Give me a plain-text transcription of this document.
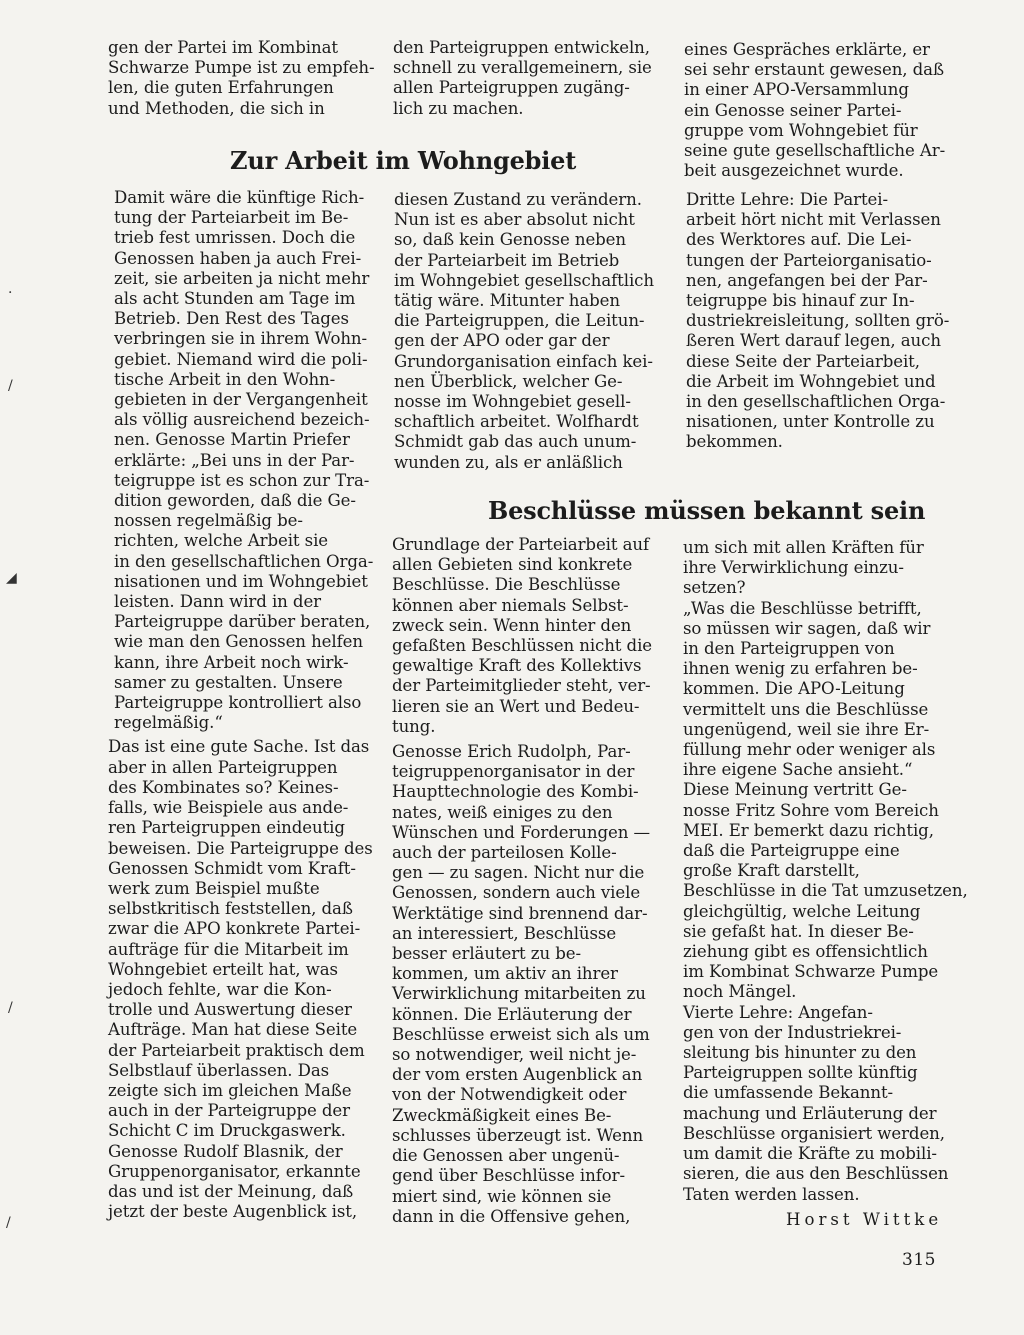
gen der Partei im Kombinat
Schwarze Pumpe ist zu empfeh-
len, die guten Erfahrungen
und Methoden, die sich in
den Parteigruppen entwickeln,
schnell zu verallgemeinern, sie
allen Parteigruppen zugäng-
lich zu machen.
eines Gespräches erklärte, er
sei sehr erstaunt gewesen, daß
in einer APO-Versammlung
ein Genosse seiner Partei-
gruppe vom Wohngebiet für
seine gute gesellschaftliche Ar-
beit ausgezeichnet wurde.
Zur Arbeit im Wohngebiet
Damit wäre die künftige Rich-
tung der Parteiarbeit im Be-
trieb fest umrissen. Doch die
Genossen haben ja auch Frei-
zeit, sie arbeiten ja nicht mehr
als acht Stunden am Tage im
Betrieb. Den Rest des Tages
verbringen sie in ihrem Wohn-
gebiet. Niemand wird die poli-
tische Arbeit in den Wohn-
gebieten in der Vergangenheit
als völlig ausreichend bezeich-
nen. Genosse Martin Priefer
erklärte: „Bei uns in der Par-
teigruppe ist es schon zur Tra-
dition geworden, daß die Ge-
nossen regelmäßig be-
richten, welche Arbeit sie
in den gesellschaftlichen Orga-
nisationen und im Wohngebiet
leisten. Dann wird in der
Parteigruppe darüber beraten,
wie man den Genossen helfen
kann, ihre Arbeit noch wirk-
samer zu gestalten. Unsere
Parteigruppe kontrolliert also
regelmäßig.“
Das ist eine gute Sache. Ist das
aber in allen Parteigruppen
des Kombinates so? Keines-
falls, wie Beispiele aus ande-
ren Parteigruppen eindeutig
beweisen. Die Parteigruppe des
Genossen Schmidt vom Kraft-
werk zum Beispiel mußte
selbstkritisch feststellen, daß
zwar die APO konkrete Partei-
aufträge für die Mitarbeit im
Wohngebiet erteilt hat, was
jedoch fehlte, war die Kon-
trolle und Auswertung dieser
Aufträge. Man hat diese Seite
der Parteiarbeit praktisch dem
Selbstlauf überlassen. Das
zeigte sich im gleichen Maße
auch in der Parteigruppe der
Schicht C im Druckgaswerk.
Genosse Rudolf Blasnik, der
Gruppenorganisator, erkannte
das und ist der Meinung, daß
jetzt der beste Augenblick ist,
diesen Zustand zu verändern.
Nun ist es aber absolut nicht
so, daß kein Genosse neben
der Parteiarbeit im Betrieb
im Wohngebiet gesellschaftlich
tätig wäre. Mitunter haben
die Parteigruppen, die Leitun-
gen der APO oder gar der
Grundorganisation einfach kei-
nen Überblick, welcher Ge-
nosse im Wohngebiet gesell-
schaftlich arbeitet. Wolfhardt
Schmidt gab das auch unum-
wunden zu, als er anläßlich
Dritte Lehre: Die Partei-
arbeit hört nicht mit Verlassen
des Werktores auf. Die Lei-
tungen der Parteiorganisatio-
nen, angefangen bei der Par-
teigruppe bis hinauf zur In-
dustriekreisleitung, sollten grö-
ßeren Wert darauf legen, auch
diese Seite der Parteiarbeit,
die Arbeit im Wohngebiet und
in den gesellschaftlichen Orga-
nisationen, unter Kontrolle zu
bekommen.
Beschlüsse müssen bekannt sein
Grundlage der Parteiarbeit auf
allen Gebieten sind konkrete
Beschlüsse. Die Beschlüsse
können aber niemals Selbst-
zweck sein. Wenn hinter den
gefaßten Beschlüssen nicht die
gewaltige Kraft des Kollektivs
der Parteimitglieder steht, ver-
lieren sie an Wert und Bedeu-
tung.
Genosse Erich Rudolph, Par-
teigruppenorganisator in der
Haupttechnologie des Kombi-
nates, weiß einiges zu den
Wünschen und Forderungen —
auch der parteilosen Kolle-
gen — zu sagen. Nicht nur die
Genossen, sondern auch viele
Werktätige sind brennend dar-
an interessiert, Beschlüsse
besser erläutert zu be-
kommen, um aktiv an ihrer
Verwirklichung mitarbeiten zu
können. Die Erläuterung der
Beschlüsse erweist sich als um
so notwendiger, weil nicht je-
der vom ersten Augenblick an
von der Notwendigkeit oder
Zweckmäßigkeit eines Be-
schlusses überzeugt ist. Wenn
die Genossen aber ungenü-
gend über Beschlüsse infor-
miert sind, wie können sie
dann in die Offensive gehen,
um sich mit allen Kräften für
ihre Verwirklichung einzu-
setzen?
„Was die Beschlüsse betrifft,
so müssen wir sagen, daß wir
in den Parteigruppen von
ihnen wenig zu erfahren be-
kommen. Die APO-Leitung
vermittelt uns die Beschlüsse
ungenügend, weil sie ihre Er-
füllung mehr oder weniger als
ihre eigene Sache ansieht.“
Diese Meinung vertritt Ge-
nosse Fritz Sohre vom Bereich
MEI. Er bemerkt dazu richtig,
daß die Parteigruppe eine
große Kraft darstellt,
Beschlüsse in die Tat umzusetzen,
gleichgültig, welche Leitung
sie gefaßt hat. In dieser Be-
ziehung gibt es offensichtlich
im Kombinat Schwarze Pumpe
noch Mängel.
Vierte Lehre: Angefan-
gen von der Industriekrei-
sleitung bis hinunter zu den
Parteigruppen sollte künftig
die umfassende Bekannt-
machung und Erläuterung der
Beschlüsse organisiert werden,
um damit die Kräfte zu mobili-
sieren, die aus den Beschlüssen
Taten werden lassen.
Horst Wittke
315
·
/
◢
/
/
